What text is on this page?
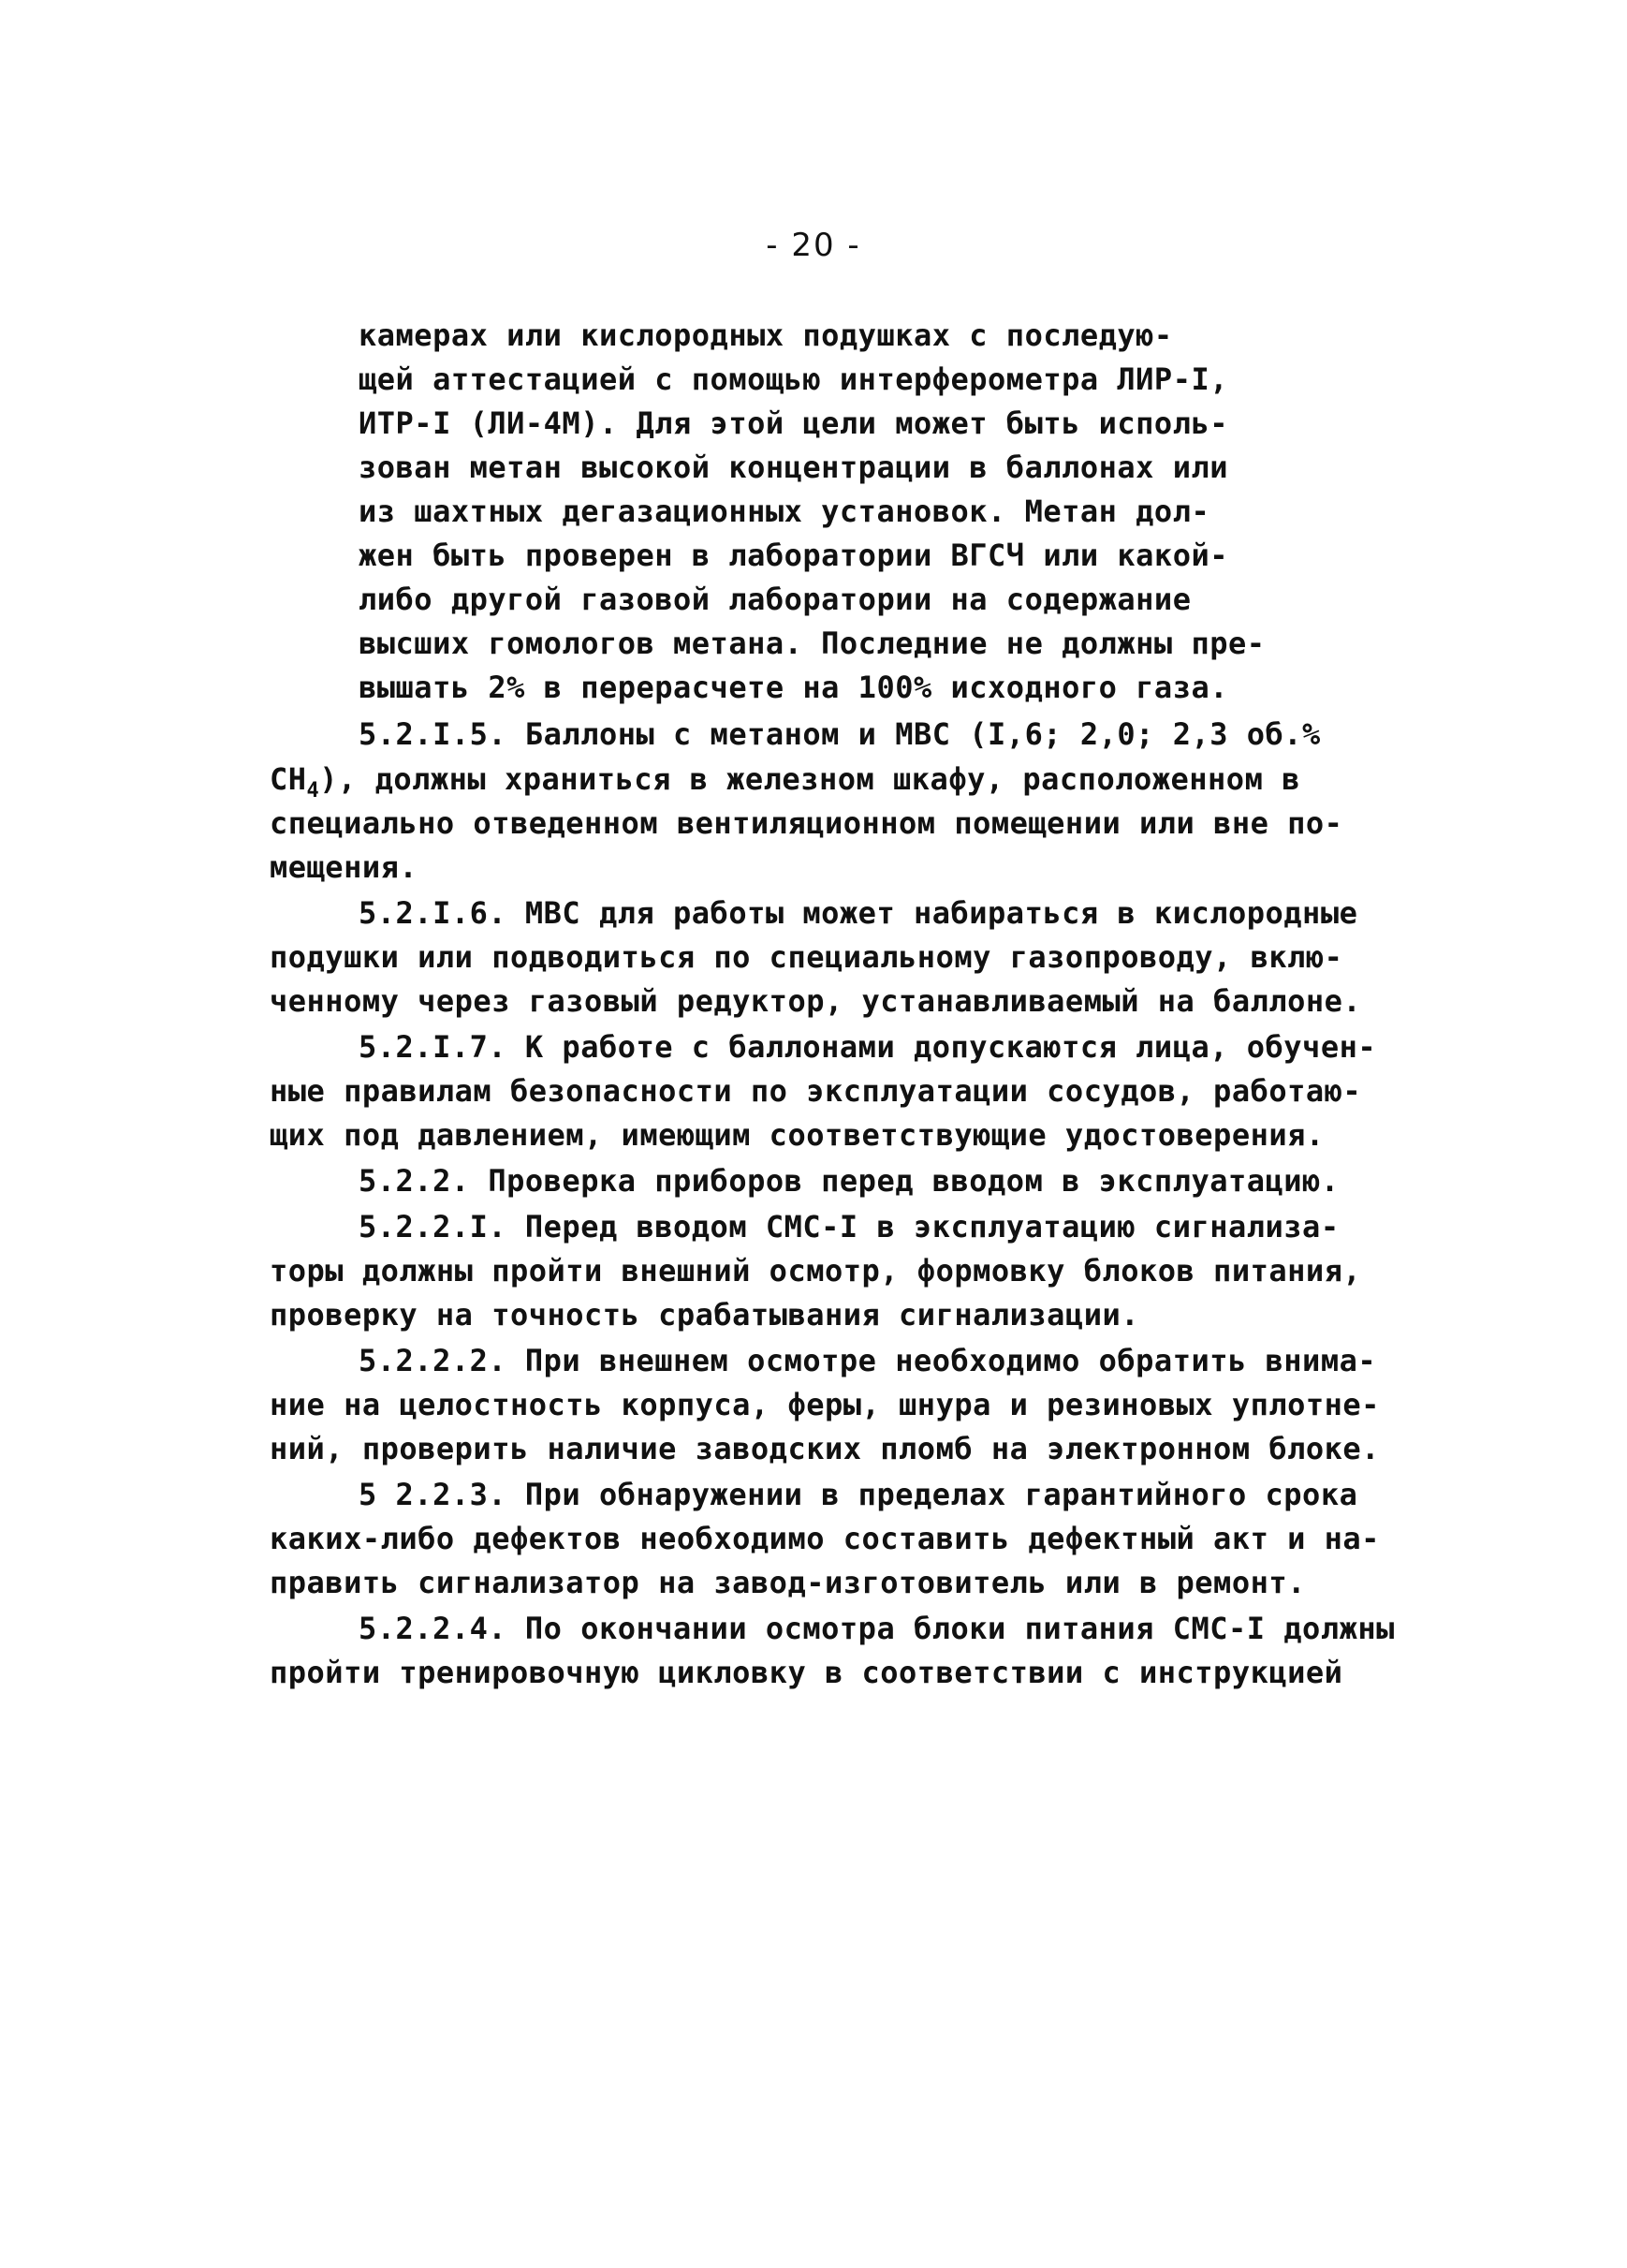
- 20 -
камерах или кислородных подушках с последую-
щей аттестацией с помощью интерферометра ЛИР-I,
ИТР-I (ЛИ-4М). Для этой цели может быть исполь-
зован метан высокой концентрации в баллонах или
из шахтных дегазационных установок. Метан дол-
жен быть проверен в лаборатории ВГСЧ или какой-
либо другой газовой лаборатории на содержание
высших гомологов метана. Последние не должны пре-
вышать 2% в перерасчете на 100% исходного газа.
5.2.I.5. Баллоны с метаном и МВС (I,6; 2,0; 2,3 об.%
$CH_4$), должны храниться в железном шкафу, расположенном в
специально отведенном вентиляционном помещении или вне по-
мещения.
5.2.I.6. МВС для работы может набираться в кислородные
подушки или подводиться по специальному газопроводу, вклю-
ченному через газовый редуктор, устанавливаемый на баллоне.
5.2.I.7. К работе с баллонами допускаются лица, обучен-
ные правилам безопасности по эксплуатации сосудов, работаю-
щих под давлением, имеющим соответствующие удостоверения.
5.2.2. Проверка приборов перед вводом в эксплуатацию.
5.2.2.I. Перед вводом СМС-I в эксплуатацию сигнализа-
торы должны пройти внешний осмотр, формовку блоков питания,
проверку на точность срабатывания сигнализации.
5.2.2.2. При внешнем осмотре необходимо обратить внима-
ние на целостность корпуса, феры, шнура и резиновых уплотне-
ний, проверить наличие заводских пломб на электронном блоке.
5 2.2.3. При обнаружении в пределах гарантийного срока
каких-либо дефектов необходимо составить дефектный акт и на-
править сигнализатор на завод-изготовитель или в ремонт.
5.2.2.4. По окончании осмотра блоки питания СМС-I должны
пройти тренировочную цикловку в соответствии с инструкцией
